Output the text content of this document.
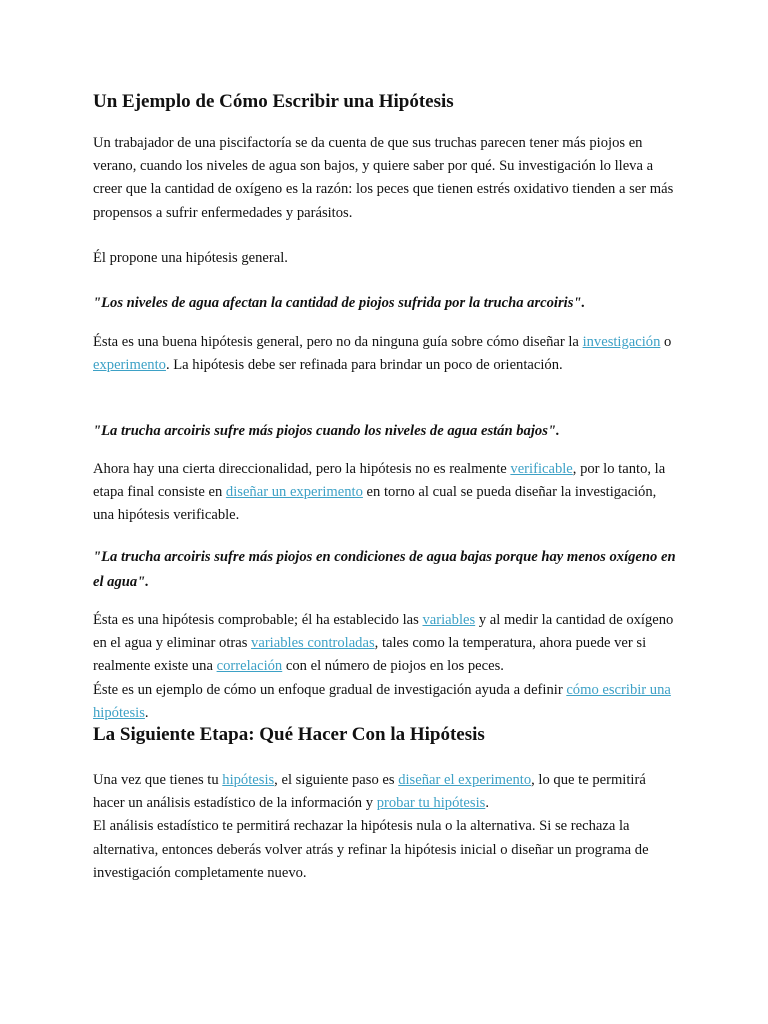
Un Ejemplo de Cómo Escribir una Hipótesis

Un trabajador de una piscifactoría se da cuenta de que sus truchas parecen tener más piojos en verano, cuando los niveles de agua son bajos, y quiere saber por qué. Su investigación lo lleva a creer que la cantidad de oxígeno es la razón: los peces que tienen estrés oxidativo tienden a ser más propensos a sufrir enfermedades y parásitos.

Él propone una hipótesis general.

"Los niveles de agua afectan la cantidad de piojos sufrida por la trucha arcoiris".

Ésta es una buena hipótesis general, pero no da ninguna guía sobre cómo diseñar la investigación o experimento. La hipótesis debe ser refinada para brindar un poco de orientación.

"La trucha arcoiris sufre más piojos cuando los niveles de agua están bajos".

Ahora hay una cierta direccionalidad, pero la hipótesis no es realmente verificable, por lo tanto, la etapa final consiste en diseñar un experimento en torno al cual se pueda diseñar la investigación, una hipótesis verificable.

"La trucha arcoiris sufre más piojos en condiciones de agua bajas porque hay menos oxígeno en el agua".

Ésta es una hipótesis comprobable; él ha establecido las variables y al medir la cantidad de oxígeno en el agua y eliminar otras variables controladas, tales como la temperatura, ahora puede ver si realmente existe una correlación con el número de piojos en los peces.
Éste es un ejemplo de cómo un enfoque gradual de investigación ayuda a definir cómo escribir una hipótesis.

La Siguiente Etapa: Qué Hacer Con la Hipótesis

Una vez que tienes tu hipótesis, el siguiente paso es diseñar el experimento, lo que te permitirá hacer un análisis estadístico de la información y probar tu hipótesis.
El análisis estadístico te permitirá rechazar la hipótesis nula o la alternativa. Si se rechaza la alternativa, entonces deberás volver atrás y refinar la hipótesis inicial o diseñar un programa de investigación completamente nuevo.
